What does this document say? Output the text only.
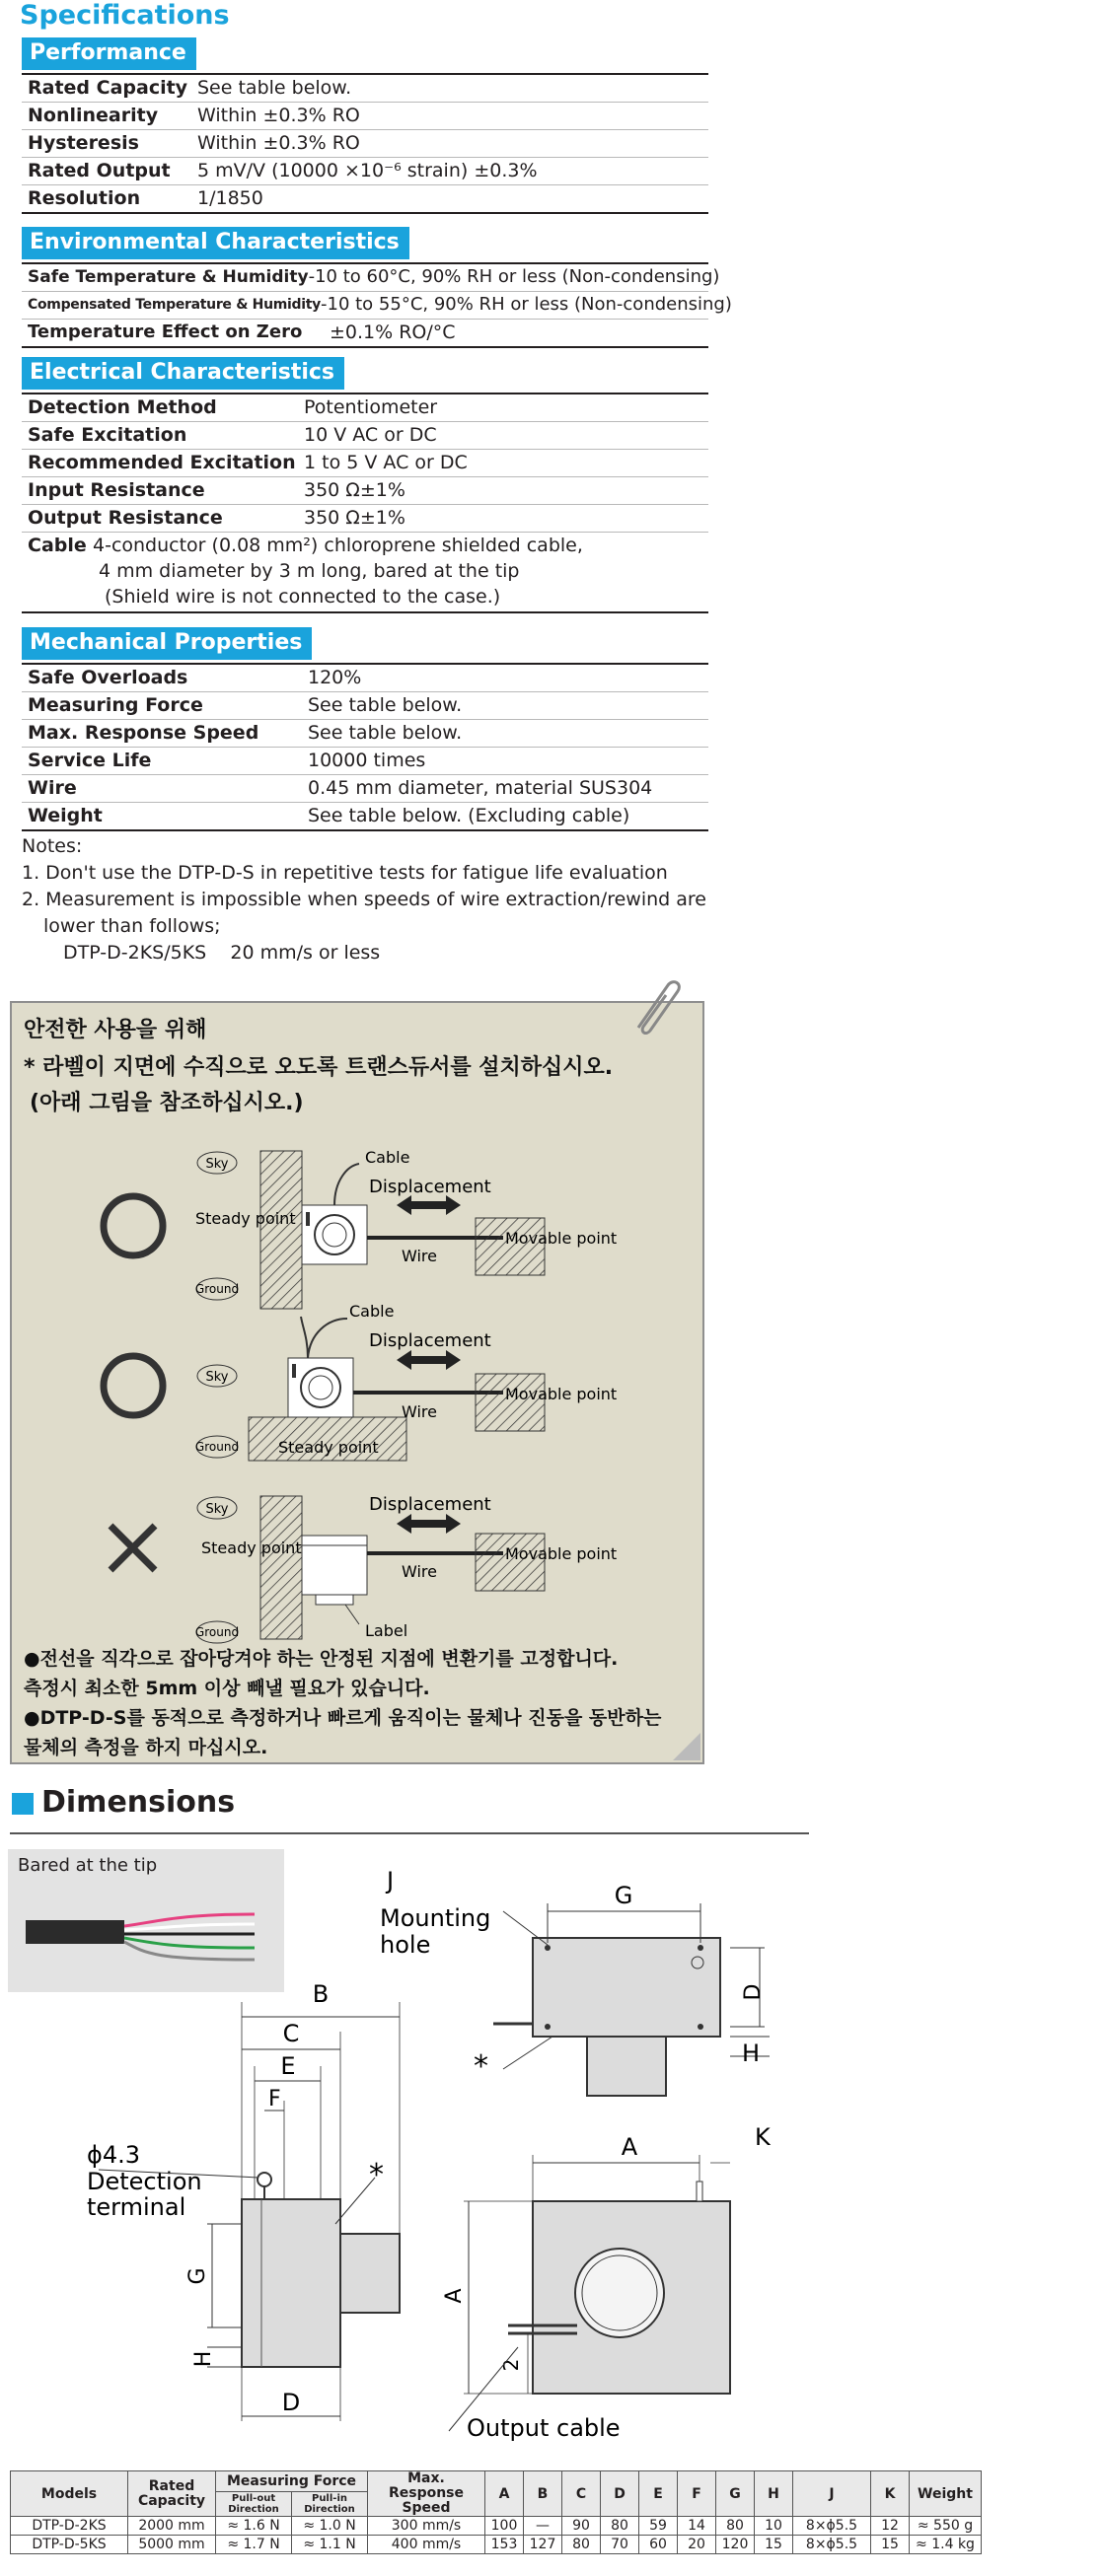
Specifications
Performance
Rated Capacity See table below.
Nonlinearity	Within ±0.3% RO
Hysteresis	Within ±0.3% RO
Rated Output	5 mV/V (10000 ×10⁻⁶ strain) ±0.3%
Resolution	1/1850
Environmental Characteristics
Safe Temperature & Humidity -10 to 60°C, 90% RH or less (Non-condensing)
Compensated Temperature & Humidity -10 to 55°C, 90% RH or less (Non-condensing)
Temperature Effect on Zero	±0.1% RO/°C
Electrical Characteristics
Detection Method	Potentiometer
Safe Excitation	10 V AC or DC
Recommended Excitation 1 to 5 V AC or DC
Input Resistance	350 Ω±1%
Output Resistance	350 Ω±1%
Cable 4-conductor (0.08 mm²) chloroprene shielded cable,
4 mm diameter by 3 m long, bared at the tip
(Shield wire is not connected to the case.)
Mechanical Properties
Safe Overloads	120%
Measuring Force	See table below.
Max. Response Speed	See table below.
Service Life	10000 times
Wire	0.45 mm diameter, material SUS304
Weight	See table below. (Excluding cable)
Notes:
1. Don't use the DTP-D-S in repetitive tests for fatigue life evaluation
2. Measurement is impossible when speeds of wire extraction/rewind are
lower than follows;
DTP-D-2KS/5KS    20 mm/s or less
안전한 사용을 위해
* 라벨이 지면에 수직으로 오도록 트랜스듀서를 설치하십시오.
(아래 그림을 참조하십시오.)
Sky
Ground
Cable
Steady point
Displacement
Wire
Movable point
Sky
Ground
Cable
Steady point
Displacement
Wire
Movable point
Sky
Ground	Label
Steady point
Displacement
Wire
Movable point
●전선을 직각으로 잡아당겨야 하는 안정된 지점에 변환기를 고정합니다.
측정시 최소한 5mm 이상 빼낼 필요가 있습니다.
●DTP-D-S를 동적으로 측정하거나 빠르게 움직이는 물체나 진동을 동반하는
물체의 측정을 하지 마십시오.
Dimensions
Bared at the tip
G
J
Mounting
hole
D
H
*
B
C
E
F
ϕ4.3
Detection
terminal
*
G
H
D
A	K
A
2
Output cable
Models	Rated Capacity	Measuring Force		Max. Response Speed	A	B	C	D	E	F	G	H	J	K	Weight
		Pull-out Direction	Pull-in Direction												
DTP-D-2KS	2000 mm	≈ 1.6 N	≈ 1.0 N	300 mm/s	100	—	90	80	59	14	80	10	8×ϕ5.5	12	≈ 550 g
DTP-D-5KS	5000 mm	≈ 1.7 N	≈ 1.1 N	400 mm/s	153	127	80	70	60	20	120	15	8×ϕ5.5	15	≈ 1.4 kg
